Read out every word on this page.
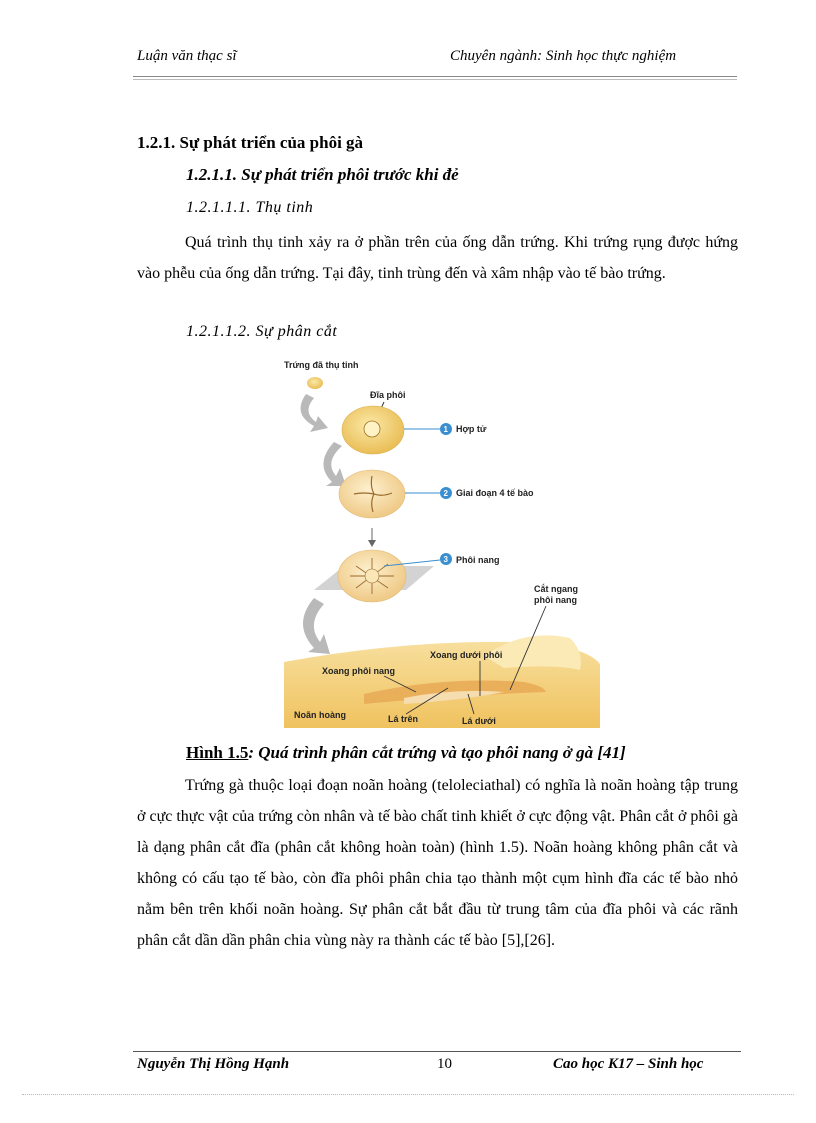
Luận văn thạc sĩ	Chuyên ngành: Sinh học thực nghiệm
1.2.1. Sự phát triển của phôi gà
1.2.1.1. Sự phát triển phôi trước khi đẻ
1.2.1.1.1. Thụ tinh
Quá trình thụ tinh xảy ra ở phần trên của ống dẫn trứng. Khi trứng rụng được hứng vào phễu của ống dẫn trứng. Tại đây, tinh trùng đến và xâm nhập vào tế bào trứng.
1.2.1.1.2. Sự phân cắt
Trứng đã thụ tinh
Đĩa phôi
1 Hợp tử
2 Giai đoạn 4 tế bào
3 Phôi nang
Cắt ngang
phôi nang
Xoang dưới phôi
Xoang phôi nang
Noãn hoàng	Lá trên	Lá dưới
Hình 1.5: Quá trình phân cắt trứng và tạo phôi nang ở gà [41]
Trứng gà thuộc loại đoạn noãn hoàng (teloleciathal) có nghĩa là noãn hoàng tập trung ở cực thực vật của trứng còn nhân và tế bào chất tinh khiết ở cực động vật. Phân cắt ở phôi gà là dạng phân cắt đĩa (phân cắt không hoàn toàn) (hình 1.5). Noãn hoàng không phân cắt và không có cấu tạo tế bào, còn đĩa phôi phân chia tạo thành một cụm hình đĩa các tế bào nhỏ nằm bên trên khối noãn hoàng. Sự phân cắt bắt đầu từ trung tâm của đĩa phôi và các rãnh phân cắt dần dần phân chia vùng này ra thành các tế bào [5],[26].
Nguyễn Thị Hồng Hạnh	10	Cao học K17 – Sinh học
